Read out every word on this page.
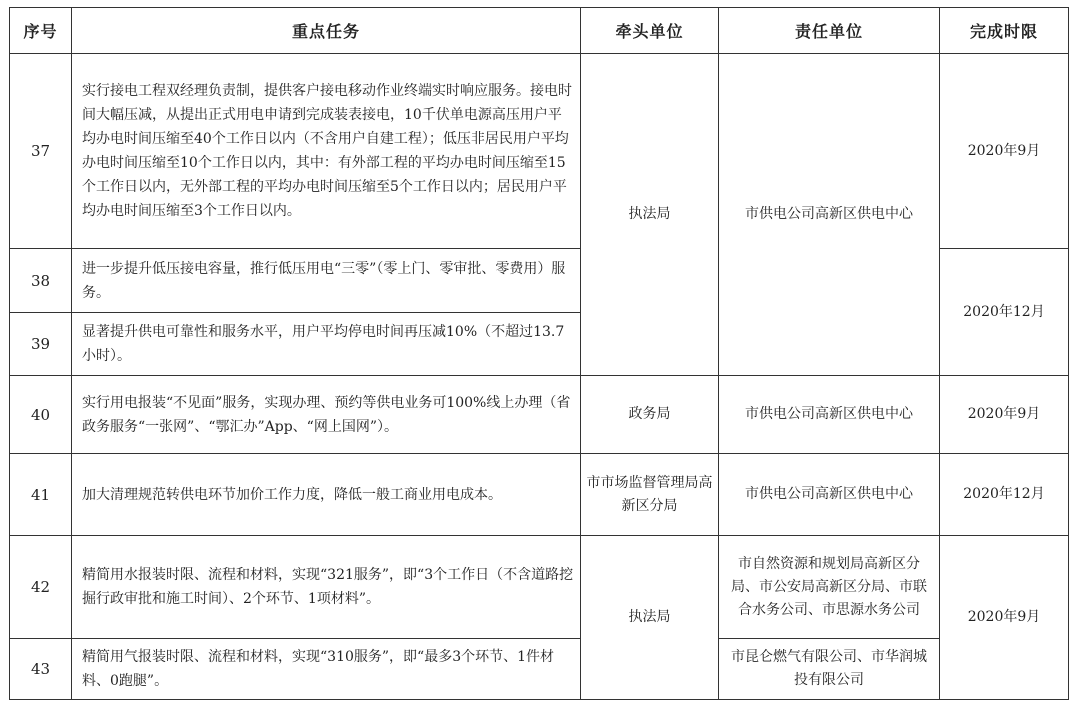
序号	重点任务	牵头单位	责任单位	完成时限
37	实行接电工程双经理负责制，提供客户接电移动作业终端实时响应服务。接电时间大幅压减，从提出正式用电申请到完成装表接电，10千伏单电源高压用户平均办电时间压缩至40个工作日以内（不含用户自建工程）；低压非居民用户平均办电时间压缩至10个工作日以内，其中：有外部工程的平均办电时间压缩至15个工作日以内，无外部工程的平均办电时间压缩至5个工作日以内；居民用户平均办电时间压缩至3个工作日以内。	执法局	市供电公司高新区供电中心	2020年9月
38	进一步提升低压接电容量，推行低压用电“三零”（零上门、零审批、零费用）服务。			2020年12月
39	显著提升供电可靠性和服务水平，用户平均停电时间再压减10%（不超过13.7小时）。			
40	实行用电报装“不见面”服务，实现办理、预约等供电业务可100%线上办理（省政务服务“一张网”、“鄂汇办”App、“网上国网”）。	政务局	市供电公司高新区供电中心	2020年9月
41	加大清理规范转供电环节加价工作力度，降低一般工商业用电成本。	市市场监督管理局高新区分局	市供电公司高新区供电中心	2020年12月
42	精简用水报装时限、流程和材料，实现“321服务”，即“3个工作日（不含道路挖掘行政审批和施工时间）、2个环节、1项材料”。	执法局	市自然资源和规划局高新区分局、市公安局高新区分局、市联合水务公司、市思源水务公司	2020年9月
43	精简用气报装时限、流程和材料，实现“310服务”，即“最多3个环节、1件材料、0跑腿”。		市昆仑燃气有限公司、市华润城投有限公司	
